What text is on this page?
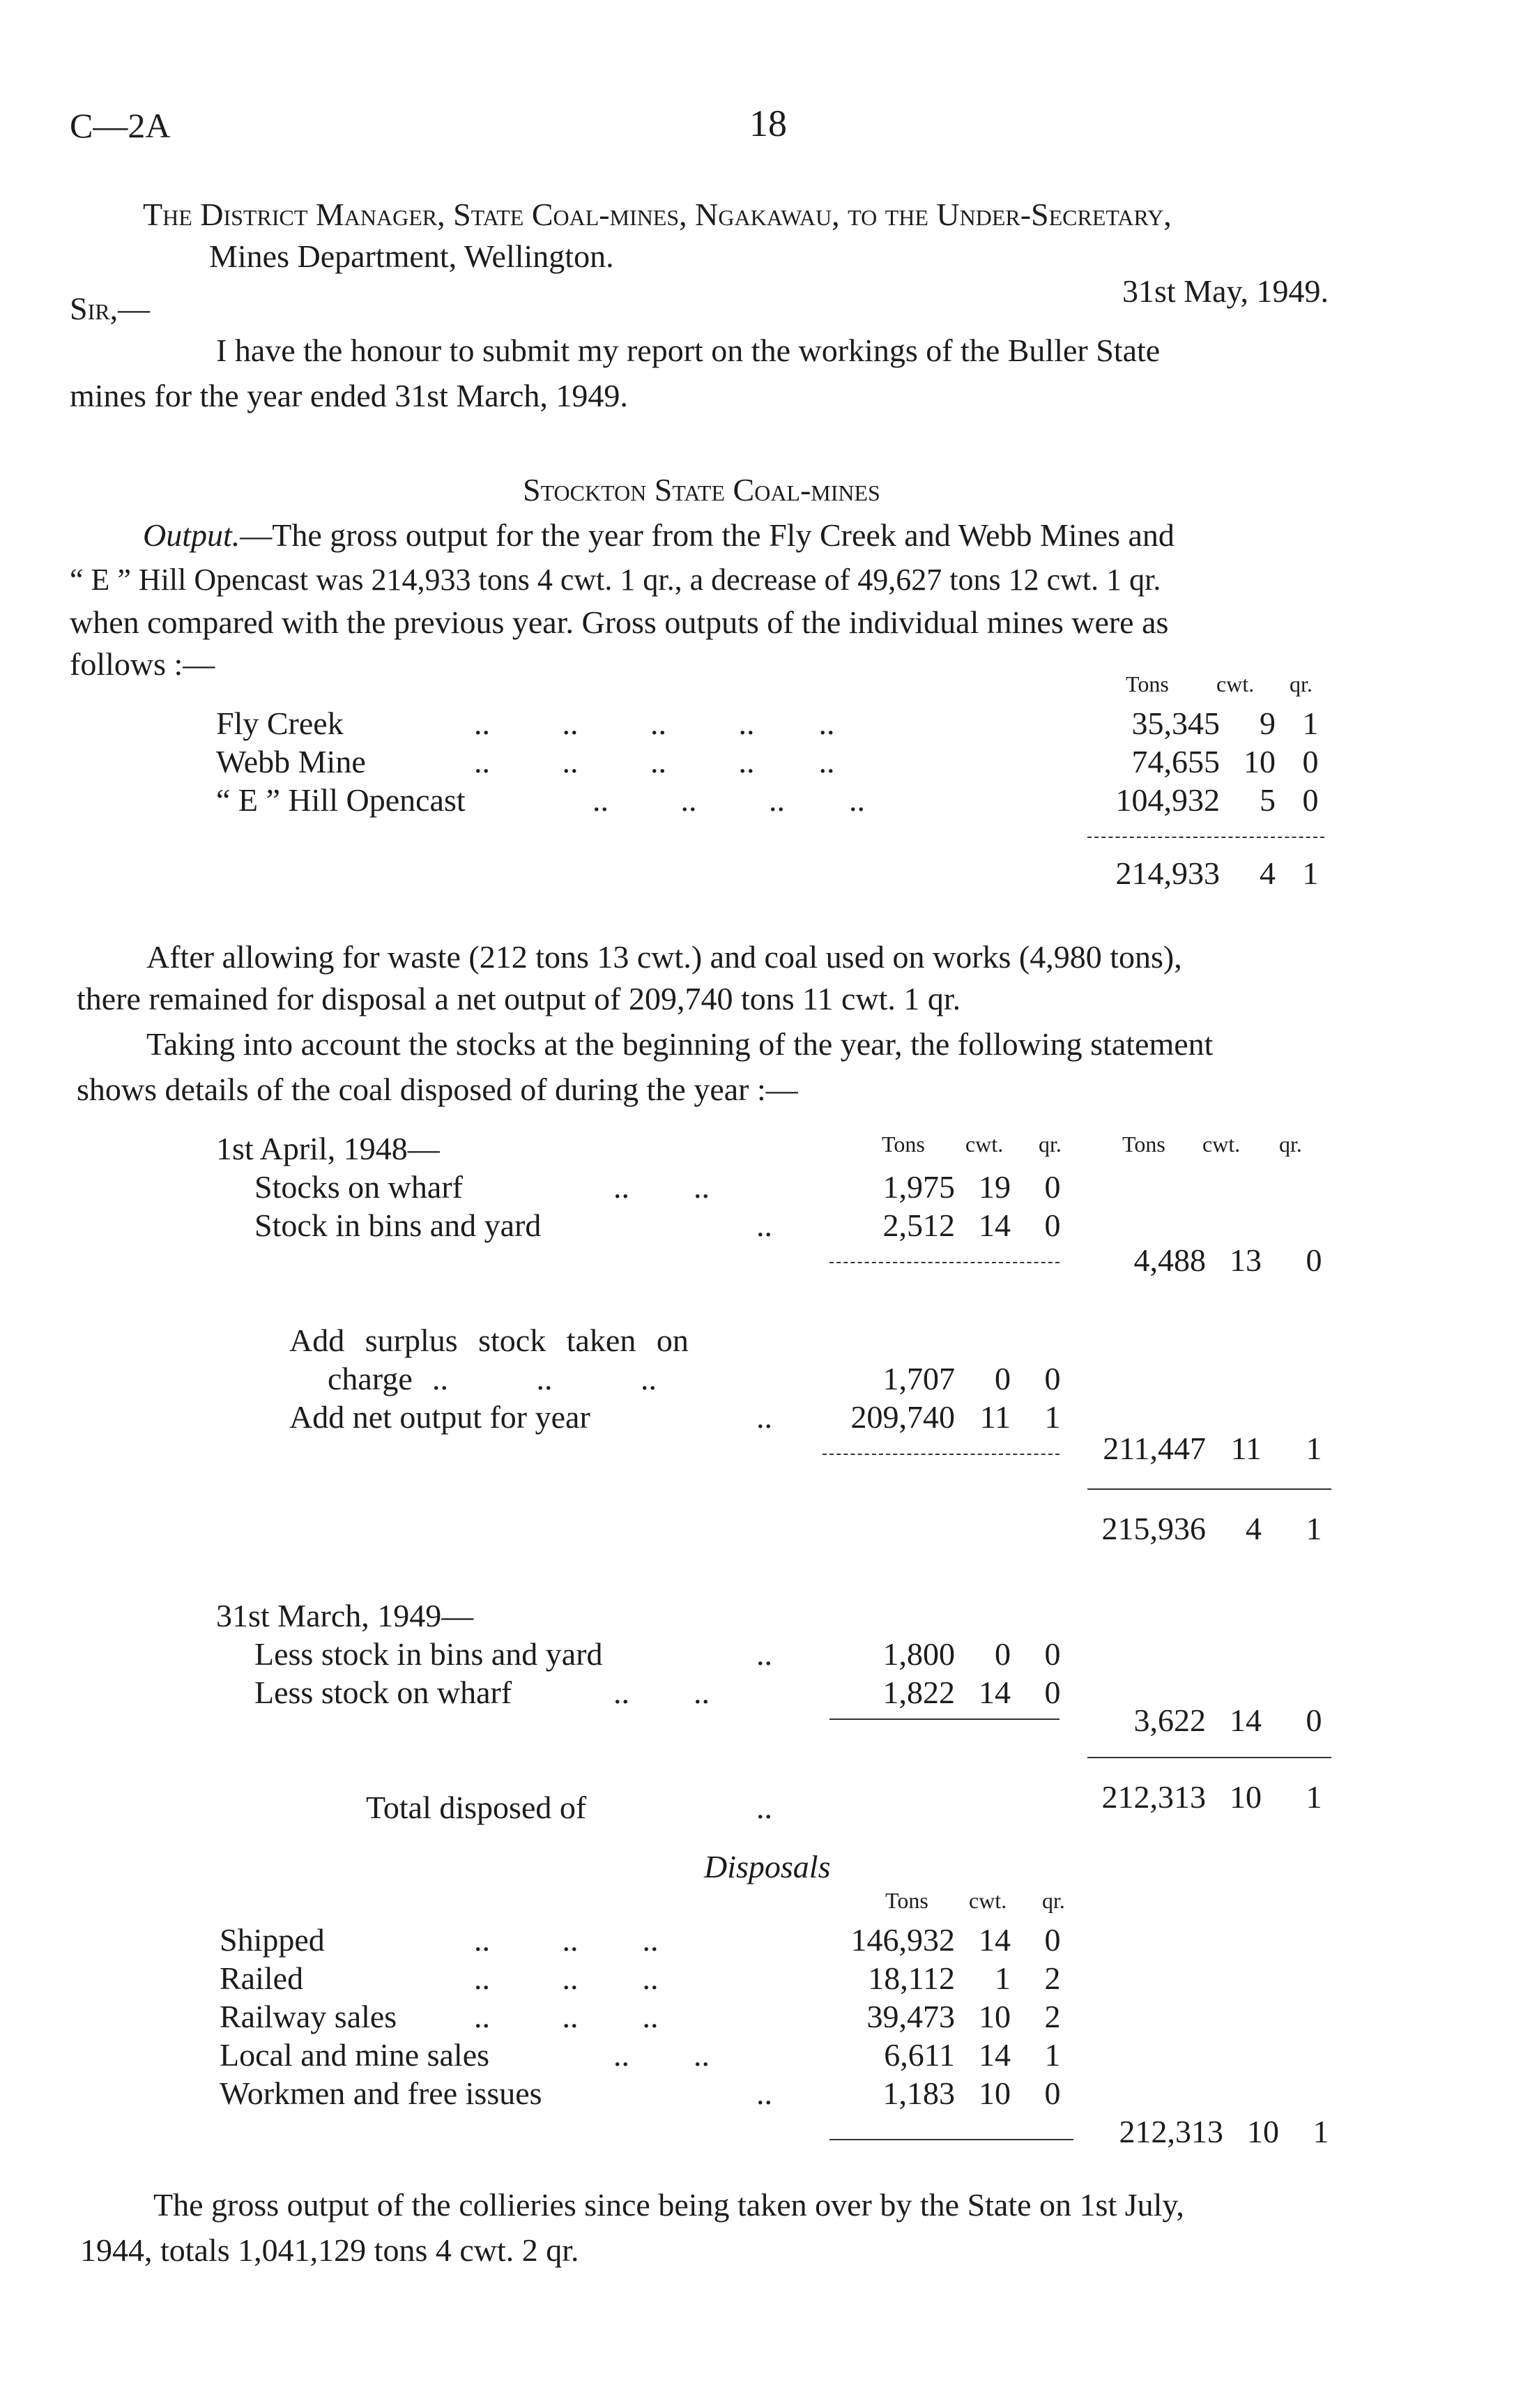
C—2A	18
The District Manager, State Coal-mines, Ngakawau, to the Under-Secretary,
Mines Department, Wellington.
Sir,—	31st May, 1949.
I have the honour to submit my report on the workings of the Buller State
mines for the year ended 31st March, 1949.
Stockton State Coal-mines
Output.—The gross output for the year from the Fly Creek and Webb Mines and
“ E ” Hill Opencast was 214,933 tons 4 cwt. 1 qr., a decrease of 49,627 tons 12 cwt. 1 qr.
when compared with the previous year. Gross outputs of the individual mines were as
follows :—
Tons cwt. qr.
Fly Creek	..         ..         ..         ..        ..	35,345	9 1
Webb Mine	..         ..         ..         ..        ..	74,655 10 0
“ E ” Hill Opencast	..         ..         ..        ..	104,932	5 0
214,933	4 1
After allowing for waste (212 tons 13 cwt.) and coal used on works (4,980 tons),
there remained for disposal a net output of 209,740 tons 11 cwt. 1 qr.
Taking into account the stocks at the beginning of the year, the following statement
shows details of the coal disposed of during the year :—
Tons cwt. qr.	Tons cwt. qr.
1st April, 1948—
Stocks on wharf	..        ..	1,975 19 0
Stock in bins and yard	..	2,512 14 0
4,488 13 0
Add surplus stock taken on
charge ..           ..           ..	1,707	0 0
Add net output for year	..	209,740 11 1
211,447 11 1
215,936	4 1
31st March, 1949—
Less stock in bins and yard	..	1,800	0 0
Less stock on wharf	..        ..	1,822 14 0
3,622 14 0
Total disposed of	..	212,313 10 1
Disposals
Tons cwt. qr.
Shipped	..         ..        ..	146,932 14 0
Railed	..         ..        ..	18,112	1 2
Railway sales ..         ..        ..	39,473 10 2
Local and mine sales	..        ..	6,611 14 1
Workmen and free issues	..	1,183 10 0
212,313 10 1
The gross output of the collieries since being taken over by the State on 1st July,
1944, totals 1,041,129 tons 4 cwt. 2 qr.
